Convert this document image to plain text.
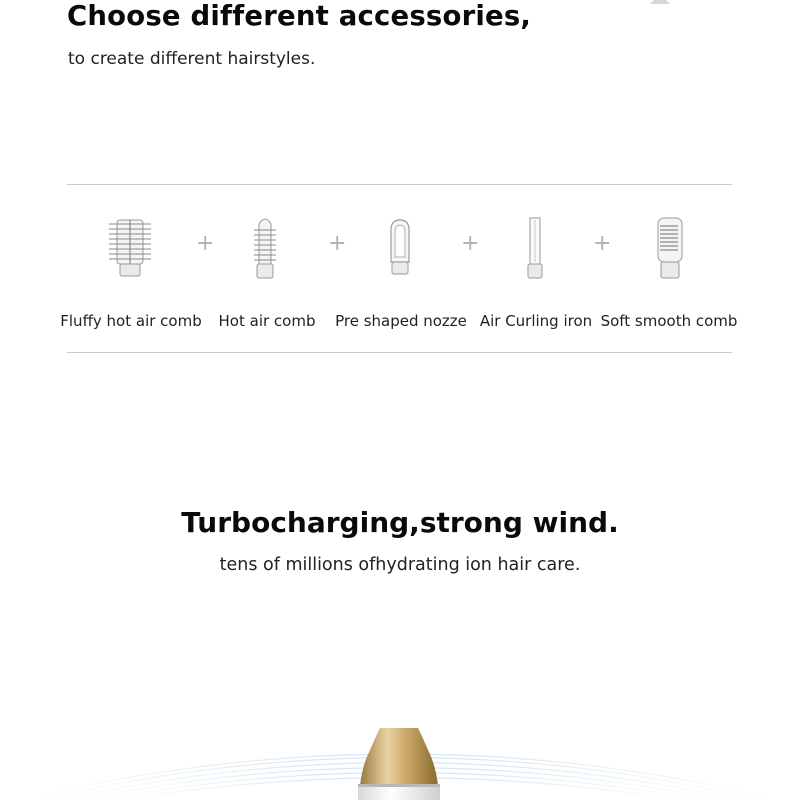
Choose different accessories,
to create different hairstyles.
+	+	+	+
Fluffy hot air comb	Hot air comb	Pre shaped nozze Air Curling iron Soft smooth comb
Turbocharging,strong wind.
tens of millions ofhydrating ion hair care.
